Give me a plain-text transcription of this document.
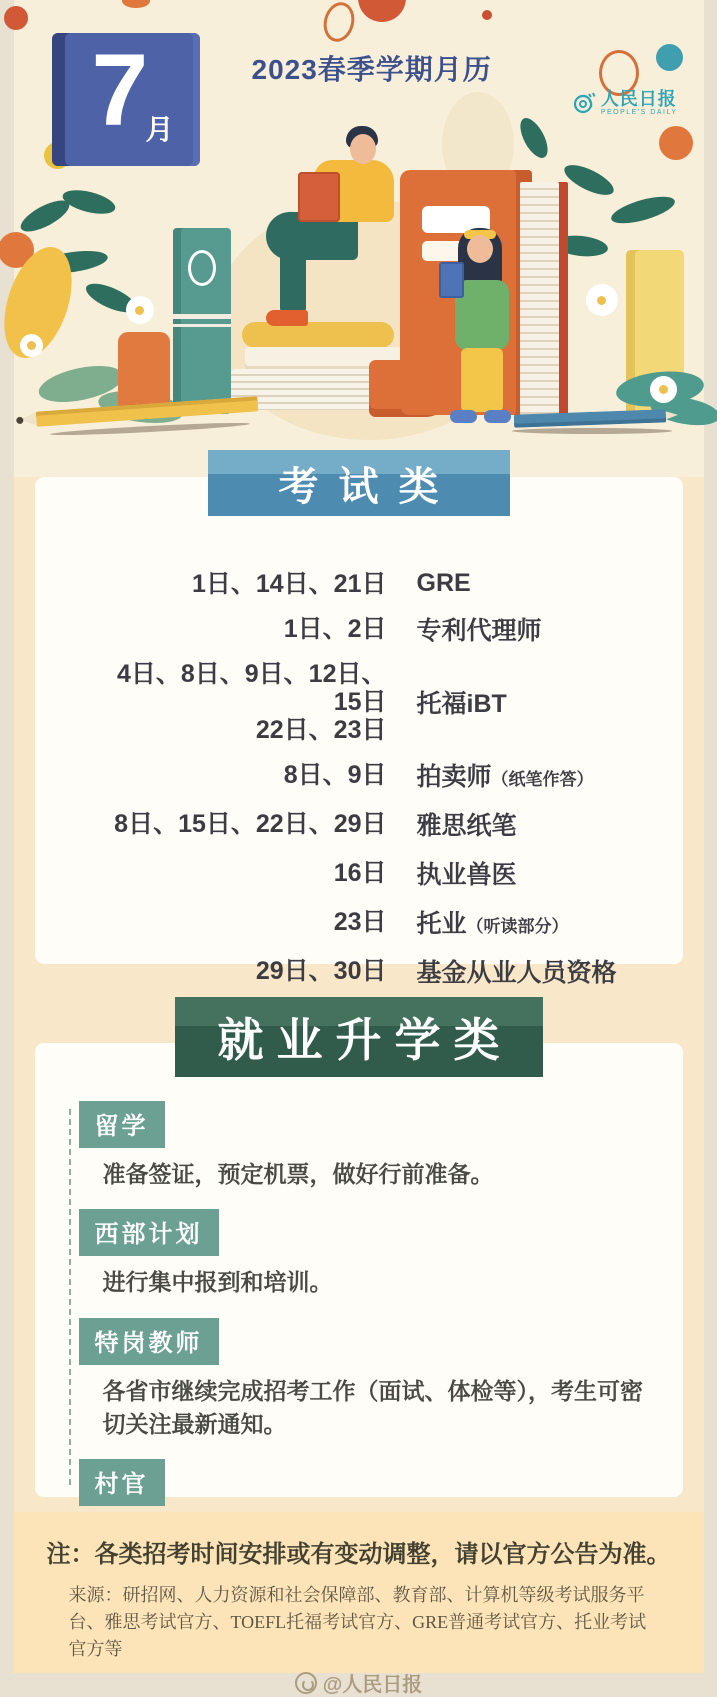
7
月
2023春季学期月历
人民日报
PEOPLE'S DAILY
考试类
1日、14日、21日 GRE
1日、2日 专利代理师
4日、8日、9日、12日、15日
22日、23日
托福iBT
8日、9日 拍卖师（纸笔作答）
8日、15日、22日、29日 雅思纸笔
16日 执业兽医
23日 托业（听读部分）
29日、30日 基金从业人员资格
就业升学类
留学

准备签证，预定机票，做好行前准备。

西部计划

进行集中报到和培训。

特岗教师

各省市继续完成招考工作（面试、体检等），考生可密切关注最新通知。

村官

注：各类招考时间安排或有变动调整，请以官方公告为准。
来源：研招网、人力资源和社会保障部、教育部、计算机等级考试服务平台、雅思考试官方、TOEFL托福考试官方、GRE普通考试官方、托业考试官方等
@人民日报
